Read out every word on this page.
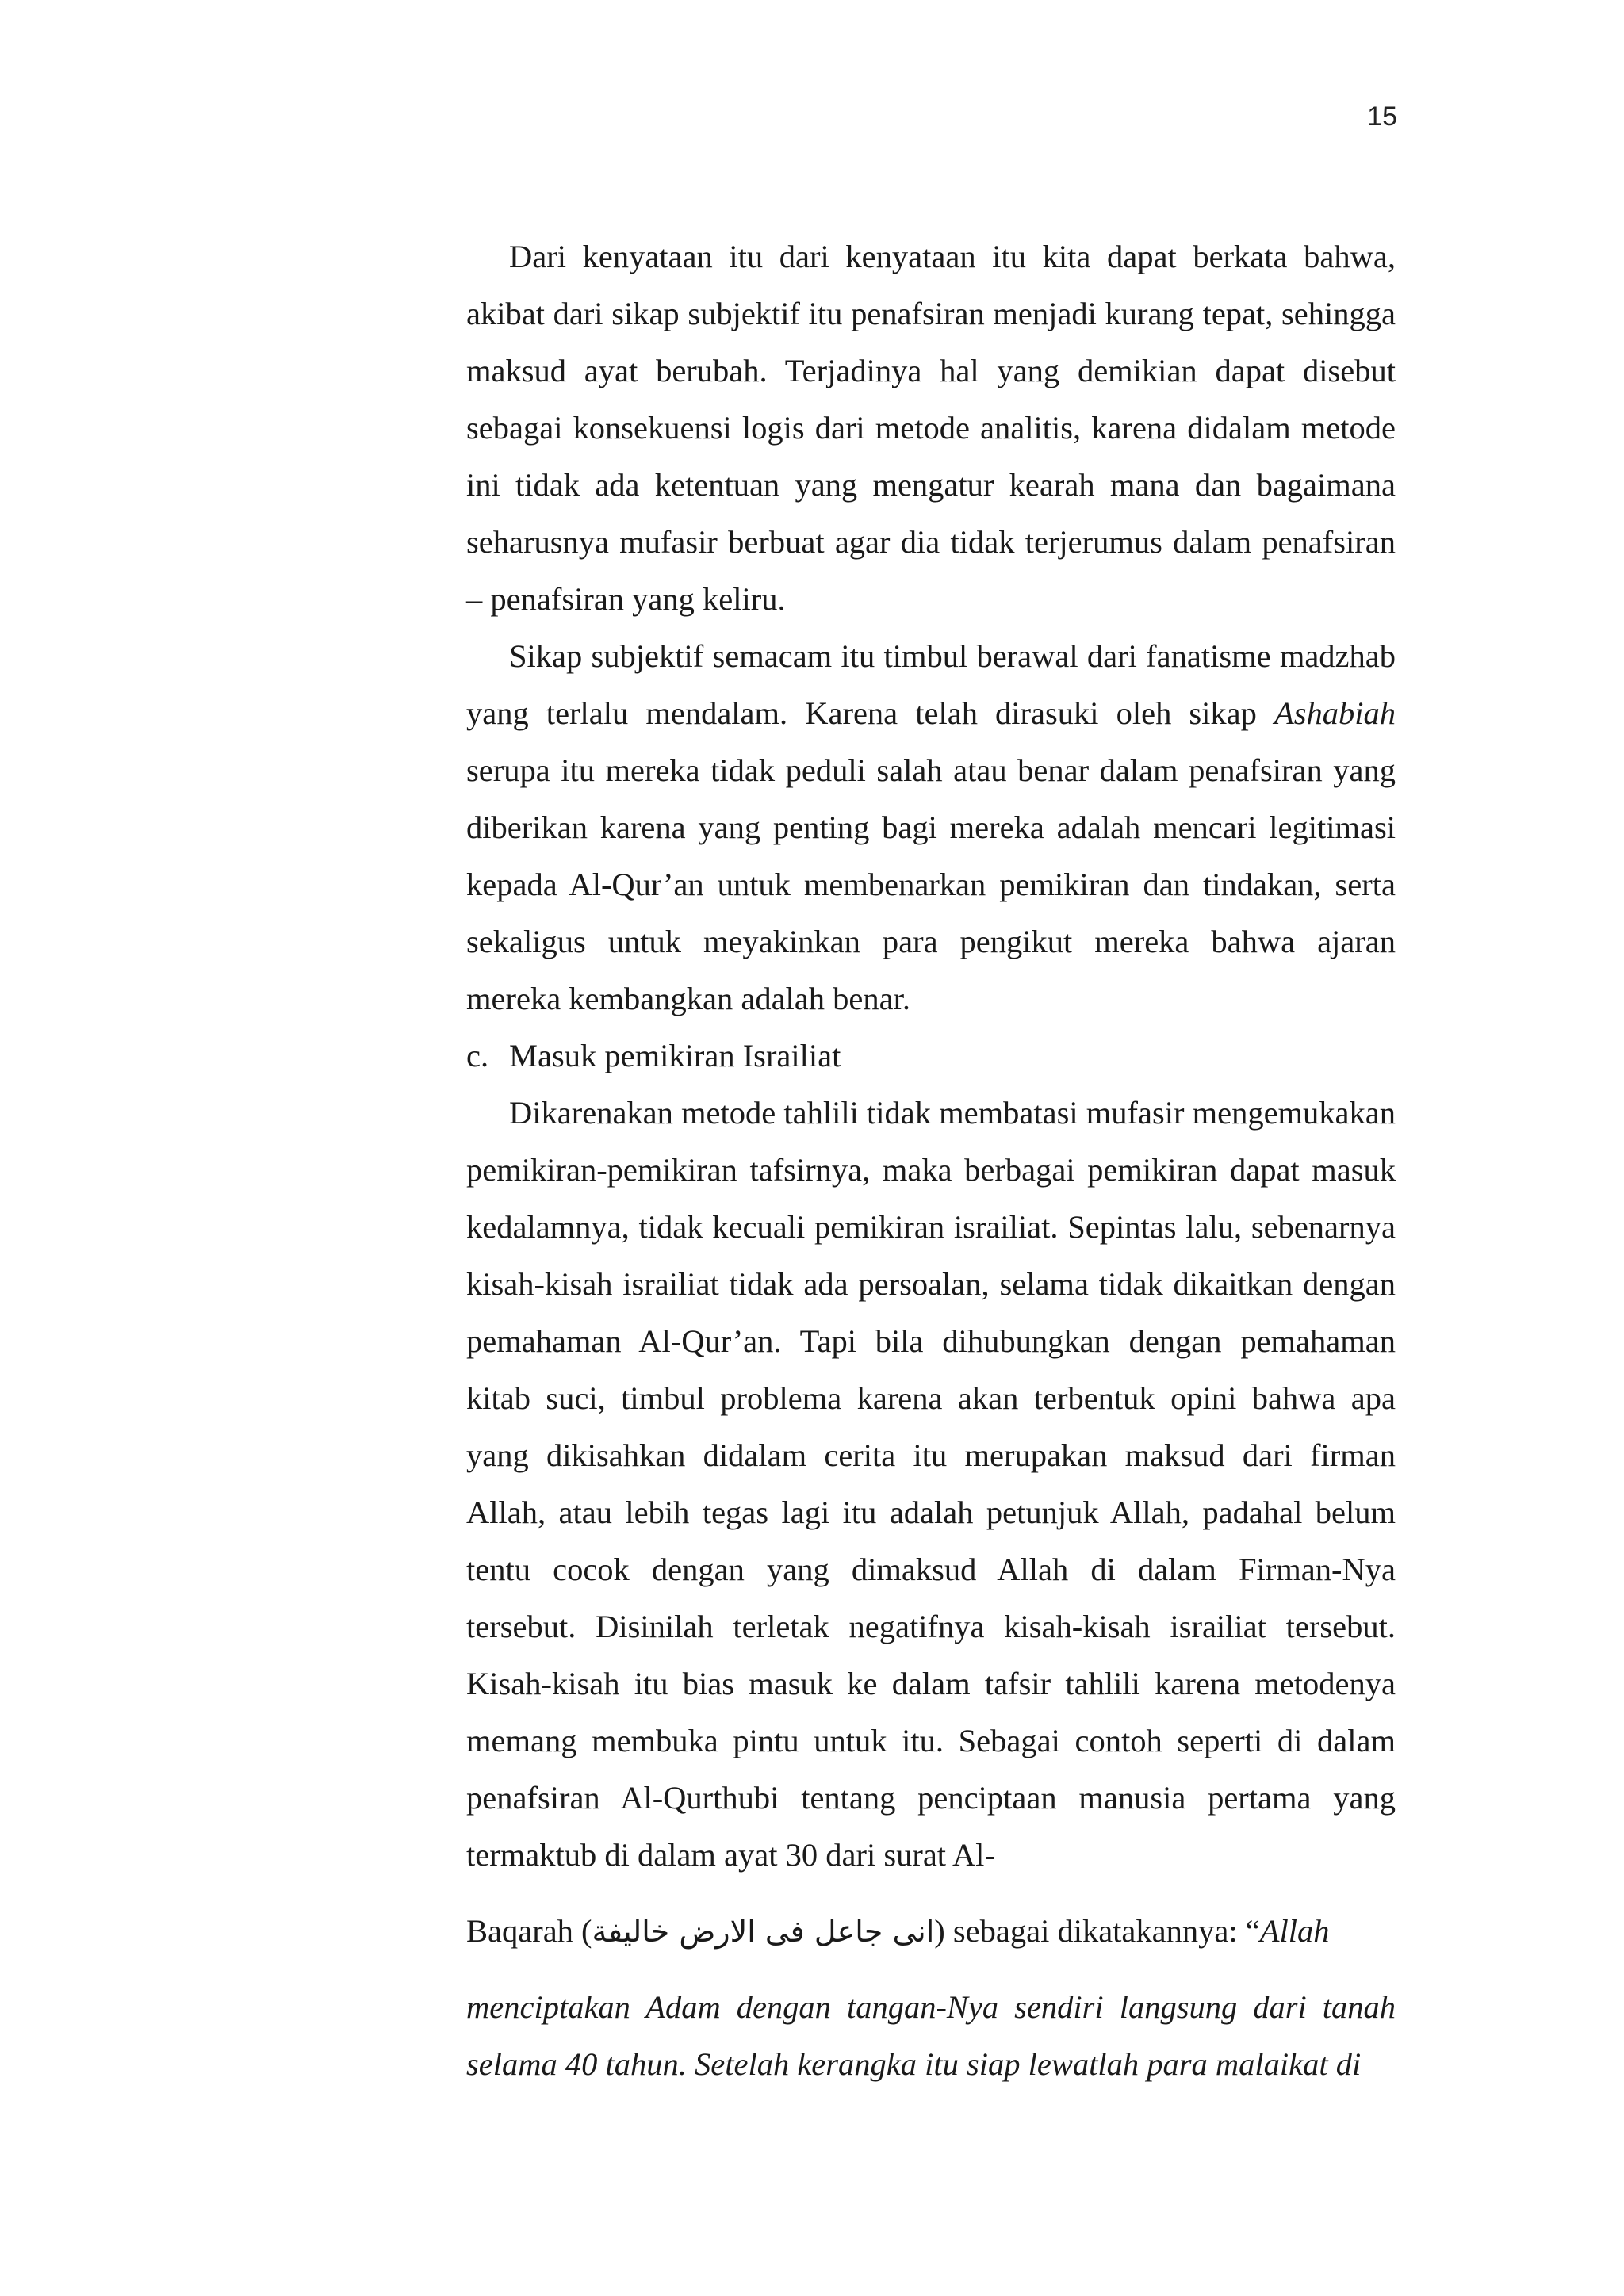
15

Dari kenyataan itu dari kenyataan itu kita dapat berkata bahwa, akibat dari sikap subjektif itu penafsiran menjadi kurang tepat, sehingga maksud ayat berubah. Terjadinya hal yang demikian dapat disebut sebagai konsekuensi logis dari metode analitis, karena didalam metode ini tidak ada ketentuan yang mengatur kearah mana dan bagaimana seharusnya mufasir berbuat agar dia tidak terjerumus dalam penafsiran – penafsiran yang keliru.

Sikap subjektif semacam itu timbul berawal dari fanatisme madzhab yang terlalu mendalam. Karena telah dirasuki oleh sikap Ashabiah serupa itu mereka tidak peduli salah atau benar dalam penafsiran yang diberikan karena yang penting bagi mereka adalah mencari legitimasi kepada Al-Qur’an untuk membenarkan pemikiran dan tindakan, serta sekaligus untuk meyakinkan para pengikut mereka bahwa ajaran mereka kembangkan adalah benar.

c. Masuk pemikiran Israiliat

Dikarenakan metode tahlili tidak membatasi mufasir mengemukakan pemikiran-pemikiran tafsirnya, maka berbagai pemikiran dapat masuk kedalamnya, tidak kecuali pemikiran israiliat. Sepintas lalu, sebenarnya kisah-kisah israiliat tidak ada persoalan, selama tidak dikaitkan dengan pemahaman Al-Qur’an. Tapi bila dihubungkan dengan pemahaman kitab suci, timbul problema karena akan terbentuk opini bahwa apa yang dikisahkan didalam cerita itu merupakan maksud dari firman Allah, atau lebih tegas lagi itu adalah petunjuk Allah, padahal belum tentu cocok dengan yang dimaksud Allah di dalam Firman-Nya tersebut. Disinilah terletak negatifnya kisah-kisah israiliat tersebut. Kisah-kisah itu bias masuk ke dalam tafsir tahlili karena metodenya memang membuka pintu untuk itu. Sebagai contoh seperti di dalam penafsiran Al-Qurthubi tentang penciptaan manusia pertama yang termaktub di dalam ayat 30 dari surat Al-

Baqarah (انى جاعل فى الارض خاليفة) sebagai dikatakannya: “Allah

menciptakan Adam dengan tangan-Nya sendiri langsung dari tanah selama 40 tahun. Setelah kerangka itu siap lewatlah para malaikat di
